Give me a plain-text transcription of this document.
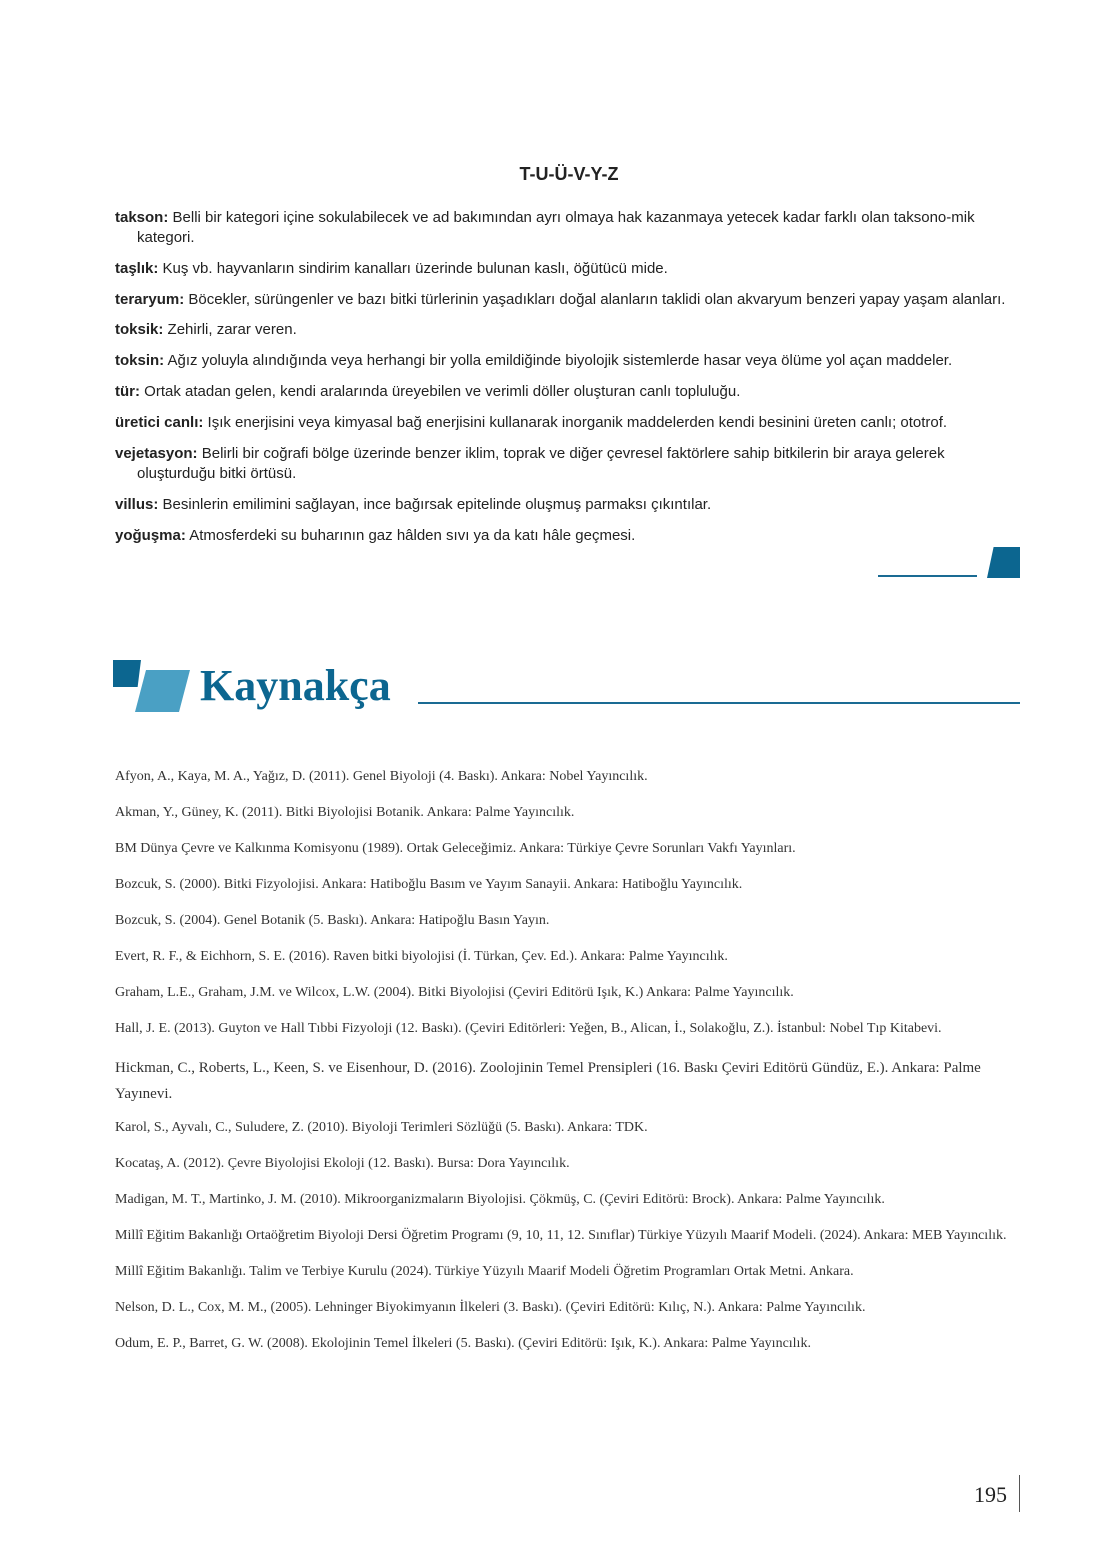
T-U-Ü-V-Y-Z
takson: Belli bir kategori içine sokulabilecek ve ad bakımından ayrı olmaya hak kazanmaya yetecek kadar farklı olan taksono-mik kategori.
taşlık: Kuş vb. hayvanların sindirim kanalları üzerinde bulunan kaslı, öğütücü mide.
teraryum: Böcekler, sürüngenler ve bazı bitki türlerinin yaşadıkları doğal alanların taklidi olan akvaryum benzeri yapay yaşam alanları.
toksik: Zehirli, zarar veren.
toksin: Ağız yoluyla alındığında veya herhangi bir yolla emildiğinde biyolojik sistemlerde hasar veya ölüme yol açan maddeler.
tür: Ortak atadan gelen, kendi aralarında üreyebilen ve verimli döller oluşturan canlı topluluğu.
üretici canlı: Işık enerjisini veya kimyasal bağ enerjisini kullanarak inorganik maddelerden kendi besinini üreten canlı; ototrof.
vejetasyon: Belirli bir coğrafi bölge üzerinde benzer iklim, toprak ve diğer çevresel faktörlere sahip bitkilerin bir araya gelerek oluşturduğu bitki örtüsü.
villus: Besinlerin emilimini sağlayan, ince bağırsak epitelinde oluşmuş parmaksı çıkıntılar.
yoğuşma: Atmosferdeki su buharının gaz hâlden sıvı ya da katı hâle geçmesi.
Kaynakça
Afyon, A., Kaya, M. A., Yağız, D. (2011). Genel Biyoloji (4. Baskı). Ankara: Nobel Yayıncılık.
Akman, Y., Güney, K. (2011). Bitki Biyolojisi Botanik. Ankara: Palme Yayıncılık.
BM Dünya Çevre ve Kalkınma Komisyonu (1989). Ortak Geleceğimiz. Ankara: Türkiye Çevre Sorunları Vakfı Yayınları.
Bozcuk, S. (2000). Bitki Fizyolojisi. Ankara: Hatiboğlu Basım ve Yayım Sanayii. Ankara: Hatiboğlu Yayıncılık.
Bozcuk, S. (2004). Genel Botanik (5. Baskı). Ankara: Hatipoğlu Basın Yayın.
Evert, R. F., & Eichhorn, S. E. (2016). Raven bitki biyolojisi (İ. Türkan, Çev. Ed.). Ankara: Palme Yayıncılık.
Graham, L.E., Graham, J.M. ve Wilcox, L.W. (2004). Bitki Biyolojisi (Çeviri Editörü Işık, K.) Ankara: Palme Yayıncılık.
Hall, J. E. (2013). Guyton ve Hall Tıbbi Fizyoloji (12. Baskı). (Çeviri Editörleri: Yeğen, B., Alican, İ., Solakoğlu, Z.). İstanbul: Nobel Tıp Kitabevi.
Hickman, C., Roberts, L., Keen, S. ve Eisenhour, D. (2016). Zoolojinin Temel Prensipleri (16. Baskı Çeviri Editörü Gündüz, E.). Ankara: Palme Yayınevi.
Karol, S., Ayvalı, C., Suludere, Z. (2010). Biyoloji Terimleri Sözlüğü (5. Baskı). Ankara: TDK.
Kocataş, A. (2012). Çevre Biyolojisi Ekoloji (12. Baskı). Bursa: Dora Yayıncılık.
Madigan, M. T., Martinko, J. M. (2010). Mikroorganizmaların Biyolojisi. Çökmüş, C. (Çeviri Editörü: Brock). Ankara: Palme Yayıncılık.
Millî Eğitim Bakanlığı Ortaöğretim Biyoloji Dersi Öğretim Programı (9, 10, 11, 12. Sınıflar) Türkiye Yüzyılı Maarif Modeli. (2024). Ankara: MEB Yayıncılık.
Millî Eğitim Bakanlığı. Talim ve Terbiye Kurulu (2024). Türkiye Yüzyılı Maarif Modeli Öğretim Programları Ortak Metni. Ankara.
Nelson, D. L., Cox, M. M., (2005). Lehninger Biyokimyanın İlkeleri (3. Baskı). (Çeviri Editörü: Kılıç, N.). Ankara: Palme Yayıncılık.
Odum, E. P., Barret, G. W. (2008). Ekolojinin Temel İlkeleri (5. Baskı). (Çeviri Editörü: Işık, K.). Ankara: Palme Yayıncılık.
195
